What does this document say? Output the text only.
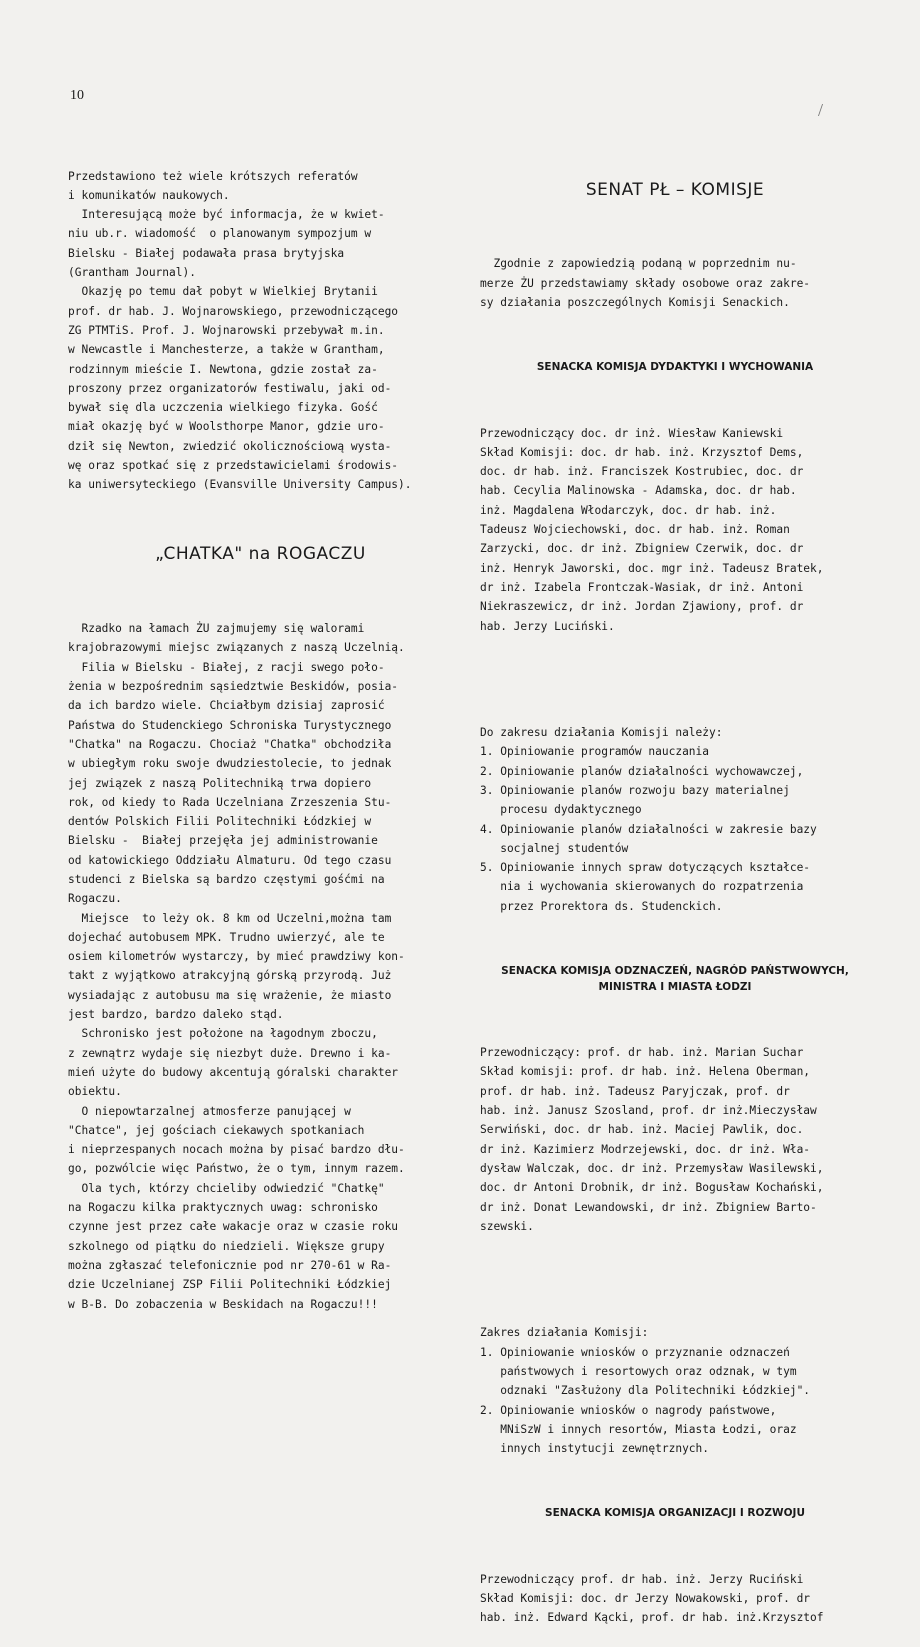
10

Przedstawiono też wiele krótszych referatów
i komunikatów naukowych.
Interesującą może być informacja, że w kwiet-
niu ub.r. wiadomość  o planowanym sympozjum w
Bielsku - Białej podawała prasa brytyjska
(Grantham Journal).
Okazję po temu dał pobyt w Wielkiej Brytanii
prof. dr hab. J. Wojnarowskiego, przewodniczącego
ZG PTMTiS. Prof. J. Wojnarowski przebywał m.in.
w Newcastle i Manchesterze, a także w Grantham,
rodzinnym mieście I. Newtona, gdzie został za-
proszony przez organizatorów festiwalu, jaki od-
bywał się dla uczczenia wielkiego fizyka. Gość
miał okazję być w Woolsthorpe Manor, gdzie uro-
dził się Newton, zwiedzić okolicznościową wysta-
wę oraz spotkać się z przedstawicielami środowis-
ka uniwersyteckiego (Evansville University Campus).

„CHATKA" na ROGACZU

Rzadko na łamach ŻU zajmujemy się walorami
krajobrazowymi miejsc związanych z naszą Uczelnią.
Filia w Bielsku - Białej, z racji swego poło-
żenia w bezpośrednim sąsiedztwie Beskidów, posia-
da ich bardzo wiele. Chciałbym dzisiaj zaprosić
Państwa do Studenckiego Schroniska Turystycznego
"Chatka" na Rogaczu. Chociaż "Chatka" obchodziła
w ubiegłym roku swoje dwudziestolecie, to jednak
jej związek z naszą Politechniką trwa dopiero
rok, od kiedy to Rada Uczelniana Zrzeszenia Stu-
dentów Polskich Filii Politechniki Łódzkiej w
Bielsku -  Białej przejęła jej administrowanie
od katowickiego Oddziału Almaturu. Od tego czasu
studenci z Bielska są bardzo częstymi gośćmi na
Rogaczu.
Miejsce  to leży ok. 8 km od Uczelni,można tam
dojechać autobusem MPK. Trudno uwierzyć, ale te
osiem kilometrów wystarczy, by mieć prawdziwy kon-
takt z wyjątkowo atrakcyjną górską przyrodą. Już
wysiadając z autobusu ma się wrażenie, że miasto
jest bardzo, bardzo daleko stąd.
Schronisko jest położone na łagodnym zboczu,
z zewnątrz wydaje się niezbyt duże. Drewno i ka-
mień użyte do budowy akcentują góralski charakter
obiektu.
O niepowtarzalnej atmosferze panującej w
"Chatce", jej gościach ciekawych spotkaniach
i nieprzespanych nocach można by pisać bardzo dłu-
go, pozwólcie więc Państwo, że o tym, innym razem.
Ola tych, którzy chcieliby odwiedzić "Chatkę"
na Rogaczu kilka praktycznych uwag: schronisko
czynne jest przez całe wakacje oraz w czasie roku
szkolnego od piątku do niedzieli. Większe grupy
można zgłaszać telefonicznie pod nr 270-61 w Ra-
dzie Uczelnianej ZSP Filii Politechniki Łódzkiej
w B-B. Do zobaczenia w Beskidach na Rogaczu!!!

SENAT PŁ – KOMISJE

Zgodnie z zapowiedzią podaną w poprzednim nu-
merze ŻU przedstawiamy składy osobowe oraz zakre-
sy działania poszczególnych Komisji Senackich.

SENACKA KOMISJA DYDAKTYKI I WYCHOWANIA

Przewodniczący doc. dr inż. Wiesław Kaniewski
Skład Komisji: doc. dr hab. inż. Krzysztof Dems,
doc. dr hab. inż. Franciszek Kostrubiec, doc. dr
hab. Cecylia Malinowska - Adamska, doc. dr hab.
inż. Magdalena Włodarczyk, doc. dr hab. inż.
Tadeusz Wojciechowski, doc. dr hab. inż. Roman
Zarzycki, doc. dr inż. Zbigniew Czerwik, doc. dr
inż. Henryk Jaworski, doc. mgr inż. Tadeusz Bratek,
dr inż. Izabela Frontczak-Wasiak, dr inż. Antoni
Niekraszewicz, dr inż. Jordan Zjawiony, prof. dr
hab. Jerzy Luciński.

Do zakresu działania Komisji należy:
1. Opiniowanie programów nauczania
2. Opiniowanie planów działalności wychowawczej,
3. Opiniowanie planów rozwoju bazy materialnej
procesu dydaktycznego
4. Opiniowanie planów działalności w zakresie bazy
socjalnej studentów
5. Opiniowanie innych spraw dotyczących kształce-
nia i wychowania skierowanych do rozpatrzenia
przez Prorektora ds. Studenckich.

SENACKA KOMISJA ODZNACZEŃ, NAGRÓD PAŃSTWOWYCH,
MINISTRA I MIASTA ŁODZI

Przewodniczący: prof. dr hab. inż. Marian Suchar
Skład komisji: prof. dr hab. inż. Helena Oberman,
prof. dr hab. inż. Tadeusz Paryjczak, prof. dr
hab. inż. Janusz Szosland, prof. dr inż.Mieczysław
Serwiński, doc. dr hab. inż. Maciej Pawlik, doc.
dr inż. Kazimierz Modrzejewski, doc. dr inż. Wła-
dysław Walczak, doc. dr inż. Przemysław Wasilewski,
doc. dr Antoni Drobnik, dr inż. Bogusław Kochański,
dr inż. Donat Lewandowski, dr inż. Zbigniew Barto-
szewski.

Zakres działania Komisji:
1. Opiniowanie wniosków o przyznanie odznaczeń
państwowych i resortowych oraz odznak, w tym
odznaki "Zasłużony dla Politechniki Łódzkiej".
2. Opiniowanie wniosków o nagrody państwowe,
MNiSzW i innych resortów, Miasta Łodzi, oraz
innych instytucji zewnętrznych.

SENACKA KOMISJA ORGANIZACJI I ROZWOJU

Przewodniczący prof. dr hab. inż. Jerzy Ruciński
Skład Komisji: doc. dr Jerzy Nowakowski, prof. dr
hab. inż. Edward Kącki, prof. dr hab. inż.Krzysztof

/
